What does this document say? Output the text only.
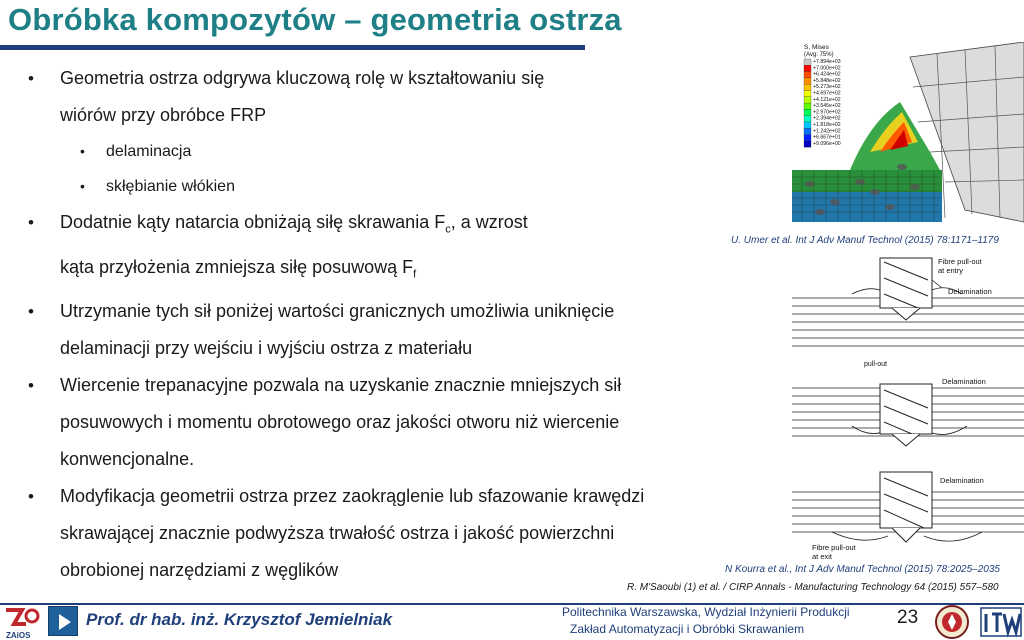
Obróbka kompozytów – geometria ostrza
• Geometria ostrza odgrywa kluczową rolę w kształtowaniu się
wiórów przy obróbce FRP
• delaminacja
• skłębianie włókien
• Dodatnie kąty natarcia obniżają siłę skrawania $F_c$, a wzrost
kąta przyłożenia zmniejsza siłę posuwową $F_f$
• Utrzymanie tych sił poniżej wartości granicznych umożliwia uniknięcie
delaminacji przy wejściu i wyjściu ostrza z materiału
• Wiercenie trepanacyjne pozwala na uzyskanie znacznie mniejszych sił
posuwowych i momentu obrotowego oraz jakości otworu niż wiercenie
konwencjonalne.
• Modyfikacja geometrii ostrza przez zaokrąglenie lub sfazowanie krawędzi
skrawającej znacznie podwyższa trwałość ostrza i jakość powierzchni
obrobionej narzędziami z węglików
S, Mises
(Avg: 75%)
+7.894e+03
+7.000e+02
+6.424e+02
+5.848e+02
+5.273e+02
+4.697e+02
+4.121e+02
+3.545e+02
+2.970e+02
+2.394e+02
+1.818e+02
+1.242e+02
+6.667e+01
+9.096e+00
U. Umer et al. Int J Adv Manuf Technol (2015) 78:1171–1179
Fibre pull-out
at entry
Delamination
pull-out
Delamination
Delamination
Fibre pull-out
at exit
N Kourra et al., Int J Adv Manuf Technol (2015) 78:2025–2035
R. M'Saoubi (1) et al. / CIRP Annals - Manufacturing Technology 64 (2015) 557–580
ZAiOS
Prof. dr hab. inż. Krzysztof Jemielniak	Politechnika Warszawska, Wydział Inżynierii Produkcji
Zakład Automatyzacji i Obróbki Skrawaniem
23
